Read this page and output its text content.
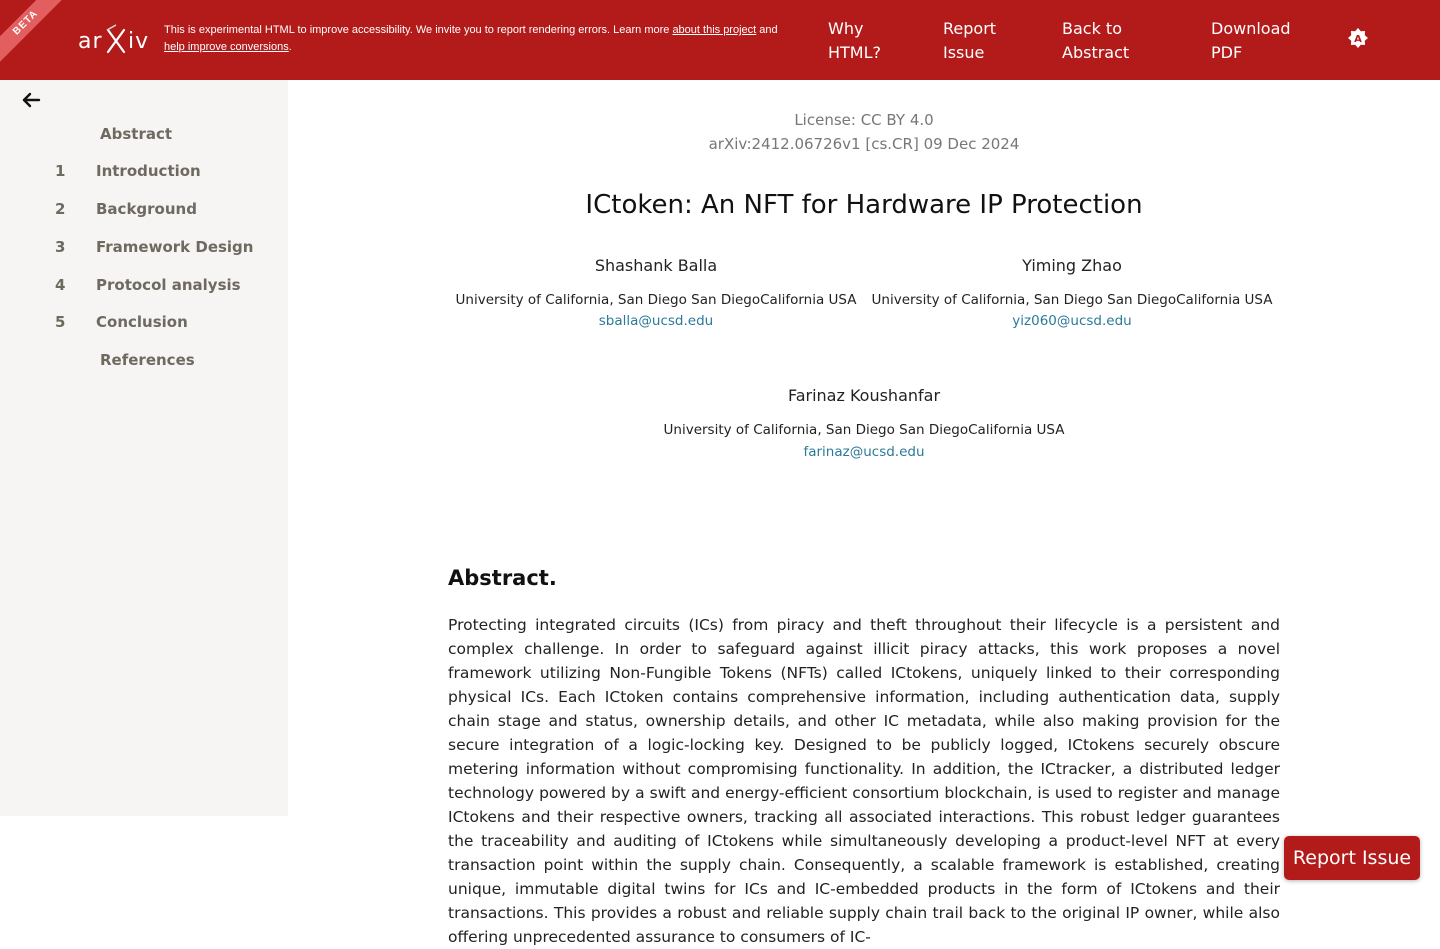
BETA
ar iv This is experimental HTML to improve accessibility. We invite you to report rendering errors. Learn more about this project and
help improve conversions.
Why
HTML?
Report
Issue
Back to
Abstract
Download
PDF
A
Abstract
1 Introduction
2 Background
3 Framework Design
4 Protocol analysis
5 Conclusion
References
License: CC BY 4.0
arXiv:2412.06726v1 [cs.CR] 09 Dec 2024
ICtoken: An NFT for Hardware IP Protection
Shashank Balla
University of California, San Diego San DiegoCalifornia USA
sballa@ucsd.edu
Yiming Zhao
University of California, San Diego San DiegoCalifornia USA
yiz060@ucsd.edu
Farinaz Koushanfar
University of California, San Diego San DiegoCalifornia USA
farinaz@ucsd.edu
Abstract.
Protecting integrated circuits (ICs) from piracy and theft throughout their lifecycle is a persistent and complex challenge. In order to safeguard against illicit piracy attacks, this work proposes a novel framework utilizing Non-Fungible Tokens (NFTs) called ICtokens, uniquely linked to their corresponding physical ICs. Each ICtoken contains comprehensive information, including authentication data, supply chain stage and status, ownership details, and other IC metadata, while also making provision for the secure integration of a logic-locking key. Designed to be publicly logged, ICtokens securely obscure metering information without compromising functionality. In addition, the ICtracker, a distributed ledger technology powered by a swift and energy-efficient consortium blockchain, is used to register and manage ICtokens and their respective owners, tracking all associated interactions. This robust ledger guarantees the traceability and auditing of ICtokens while simultaneously developing a product-level NFT at every transaction point within the supply chain. Consequently, a scalable framework is established, creating unique, immutable digital twins for ICs and IC-embedded products in the form of ICtokens and their transactions. This provides a robust and reliable supply chain trail back to the original IP owner, while also offering unprecedented assurance to consumers of IC-
Report Issue
